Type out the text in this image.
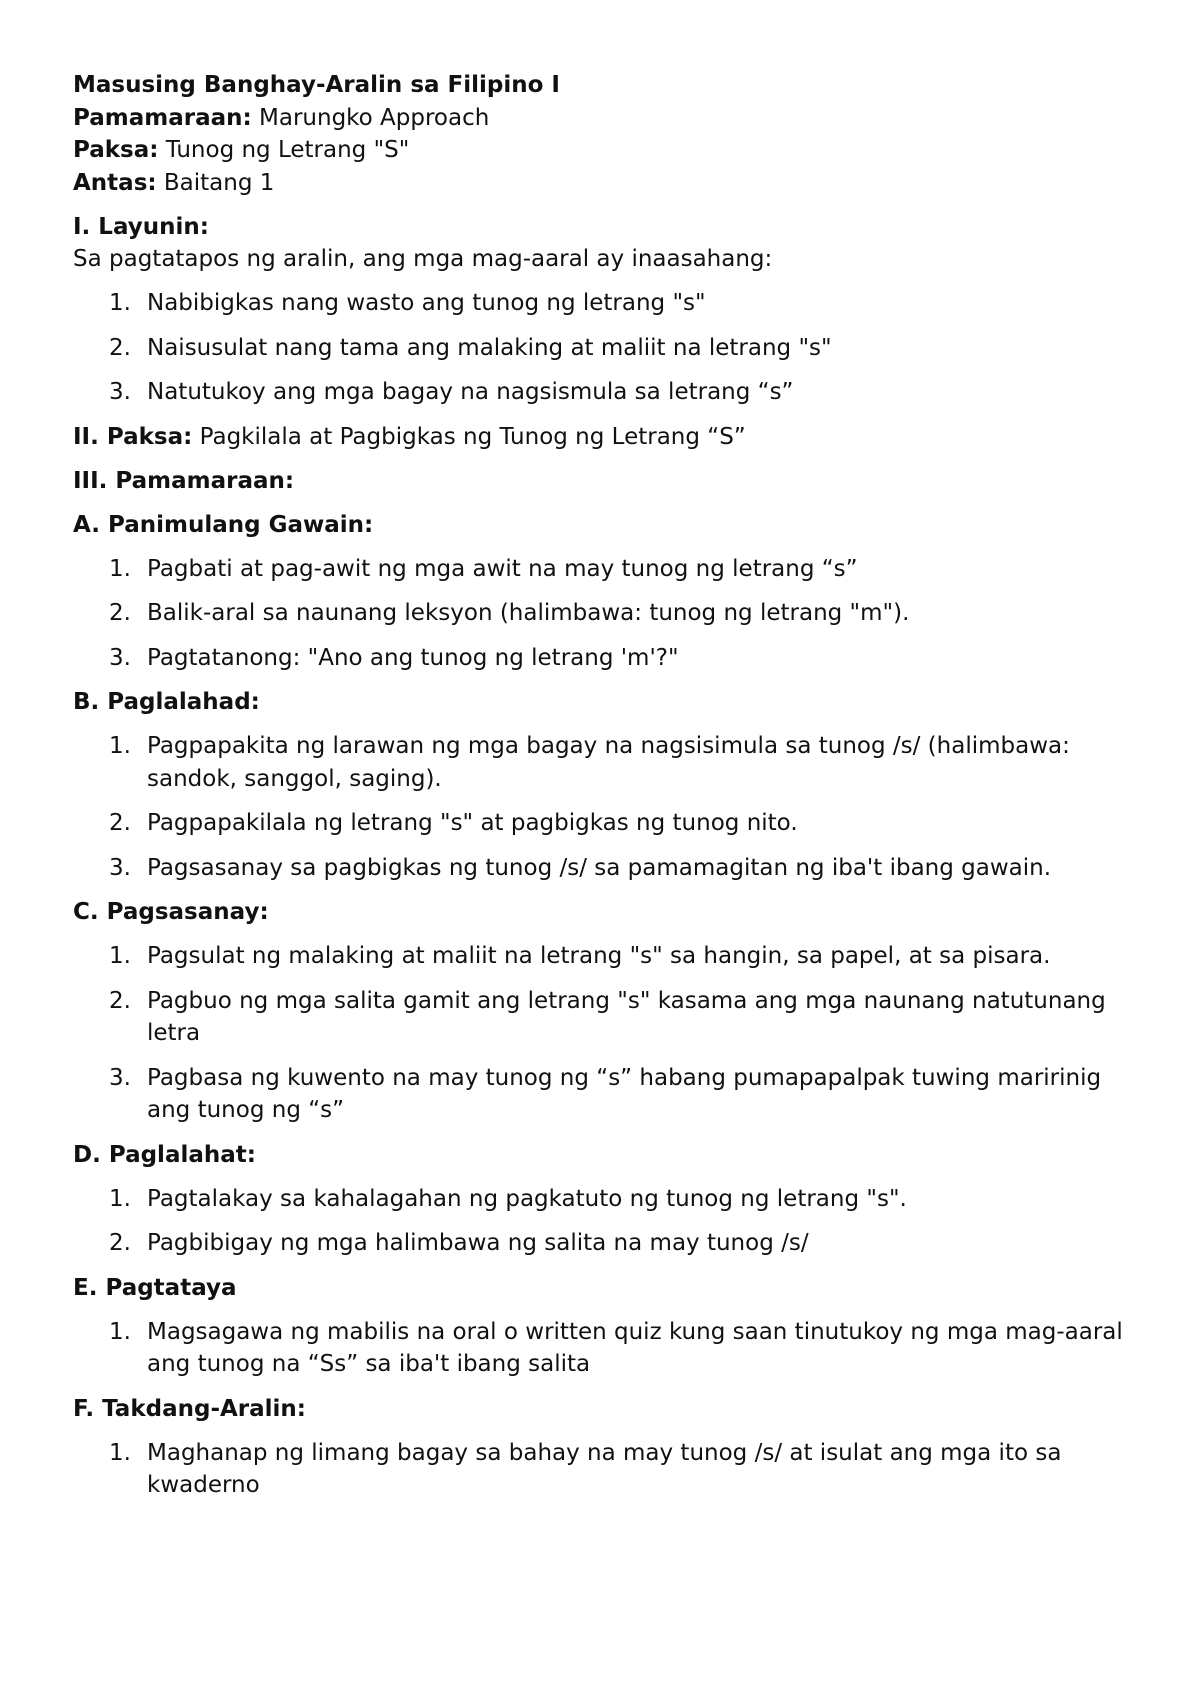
Masusing Banghay-Aralin sa Filipino I

Pamamaraan: Marungko Approach

Paksa: Tunog ng Letrang "S"

Antas: Baitang 1

I. Layunin:

Sa pagtatapos ng aralin, ang mga mag-aaral ay inaasahang:

1. Nabibigkas nang wasto ang tunog ng letrang "s"
2. Naisusulat nang tama ang malaking at maliit na letrang "s"
3. Natutukoy ang mga bagay na nagsismula sa letrang “s”

II. Paksa: Pagkilala at Pagbigkas ng Tunog ng Letrang “S”

III. Pamamaraan:

A. Panimulang Gawain:

1. Pagbati at pag-awit ng mga awit na may tunog ng letrang “s”
2. Balik-aral sa naunang leksyon (halimbawa: tunog ng letrang "m").
3. Pagtatanong: "Ano ang tunog ng letrang 'm'?"

B. Paglalahad:

1. Pagpapakita ng larawan ng mga bagay na nagsisimula sa tunog /s/ (halimbawa: sandok, sanggol, saging).
2. Pagpapakilala ng letrang "s" at pagbigkas ng tunog nito.
3. Pagsasanay sa pagbigkas ng tunog /s/ sa pamamagitan ng iba't ibang gawain.

C. Pagsasanay:

1. Pagsulat ng malaking at maliit na letrang "s" sa hangin, sa papel, at sa pisara.
2. Pagbuo ng mga salita gamit ang letrang "s" kasama ang mga naunang natutunang letra
3. Pagbasa ng kuwento na may tunog ng “s” habang pumapapalpak tuwing maririnig ang tunog ng “s”

D. Paglalahat:

1. Pagtalakay sa kahalagahan ng pagkatuto ng tunog ng letrang "s".
2. Pagbibigay ng mga halimbawa ng salita na may tunog /s/

E. Pagtataya

1. Magsagawa ng mabilis na oral o written quiz kung saan tinutukoy ng mga mag-aaral ang tunog na “Ss” sa iba't ibang salita

F. Takdang-Aralin:

1. Maghanap ng limang bagay sa bahay na may tunog /s/ at isulat ang mga ito sa kwaderno
